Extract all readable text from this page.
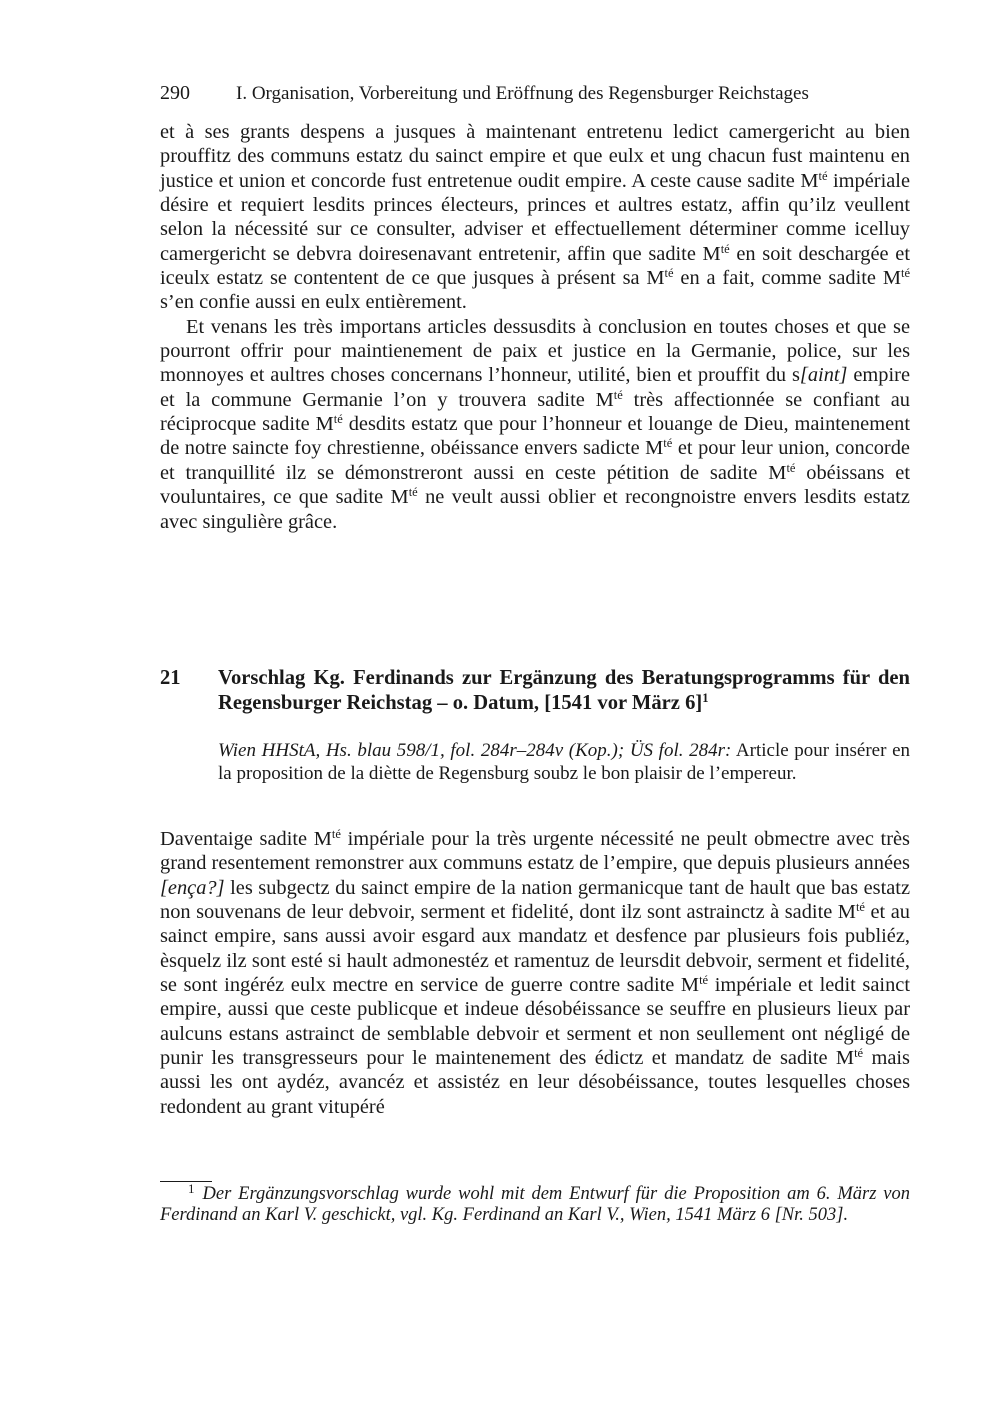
290 I. Organisation, Vorbereitung und Eröffnung des Regensburger Reichstages

et à ses grants despens a jusques à maintenant entretenu ledict camergericht au bien prouffitz des communs estatz du sainct empire et que eulx et ung chacun fust maintenu en justice et union et concorde fust entretenue oudit empire. A ceste cause sadite $M^{té}$ impériale désire et requiert lesdits princes électeurs, princes et aultres estatz, affin qu’ilz veullent selon la nécessité sur ce consulter, adviser et effectuellement déterminer comme icelluy camergericht se debvra doiresenavant entretenir, affin que sadite $M^{té}$ en soit deschargée et iceulx estatz se contentent de ce que jusques à présent sa $M^{té}$ en a fait, comme sadite $M^{té}$ s’en confie aussi en eulx entièrement.

Et venans les très importans articles dessusdits à conclusion en toutes choses et que se pourront offrir pour maintienement de paix et justice en la Germanie, police, sur les monnoyes et aultres choses concernans l’honneur, utilité, bien et prouffit du s[aint] empire et la commune Germanie l’on y trouvera sadite $M^{té}$ très affectionnée se confiant au réciprocque sadite $M^{té}$ desdits estatz que pour l’honneur et louange de Dieu, maintenement de notre saincte foy chrestienne, obéissance envers sadicte $M^{té}$ et pour leur union, concorde et tranquillité ilz se démonstreront aussi en ceste pétition de sadite $M^{té}$ obéissans et vouluntaires, ce que sadite $M^{té}$ ne veult aussi oblier et recongnoistre envers lesdits estatz avec singulière grâce.

21	Vorschlag Kg. Ferdinands zur Ergänzung des Beratungsprogramms für den Regensburger Reichstag – o. Datum, [1541 vor März 6]$^1$
Wien HHStA, Hs. blau 598/1, fol. 284r–284v (Kop.); ÜS fol. 284r: Article pour insérer en la proposition de la diètte de Regensburg soubz le bon plaisir de l’empereur.

Daventaige sadite $M^{té}$ impériale pour la très urgente nécessité ne peult obmectre avec très grand resentement remonstrer aux communs estatz de l’empire, que depuis plusieurs années [ença?] les subgectz du sainct empire de la nation germanicque tant de hault que bas estatz non souvenans de leur debvoir, serment et fidelité, dont ilz sont astrainctz à sadite $M^{té}$ et au sainct empire, sans aussi avoir esgard aux mandatz et desfence par plusieurs fois publiéz, èsquelz ilz sont esté si hault admonestéz et ramentuz de leursdit debvoir, serment et fidelité, se sont ingéréz eulx mectre en service de guerre contre sadite $M^{té}$ impériale et ledit sainct empire, aussi que ceste publicque et indeue désobéissance se seuffre en plusieurs lieux par aulcuns estans astrainct de semblable debvoir et serment et non seullement ont négligé de punir les transgresseurs pour le maintenement des édictz et mandatz de sadite $M^{té}$ mais aussi les ont aydéz, avancéz et assistéz en leur désobéissance, toutes lesquelles choses redondent au grant vitupéré

$^1$ Der Ergänzungsvorschlag wurde wohl mit dem Entwurf für die Proposition am 6. März von Ferdinand an Karl V. geschickt, vgl. Kg. Ferdinand an Karl V., Wien, 1541 März 6 [Nr. 503].
